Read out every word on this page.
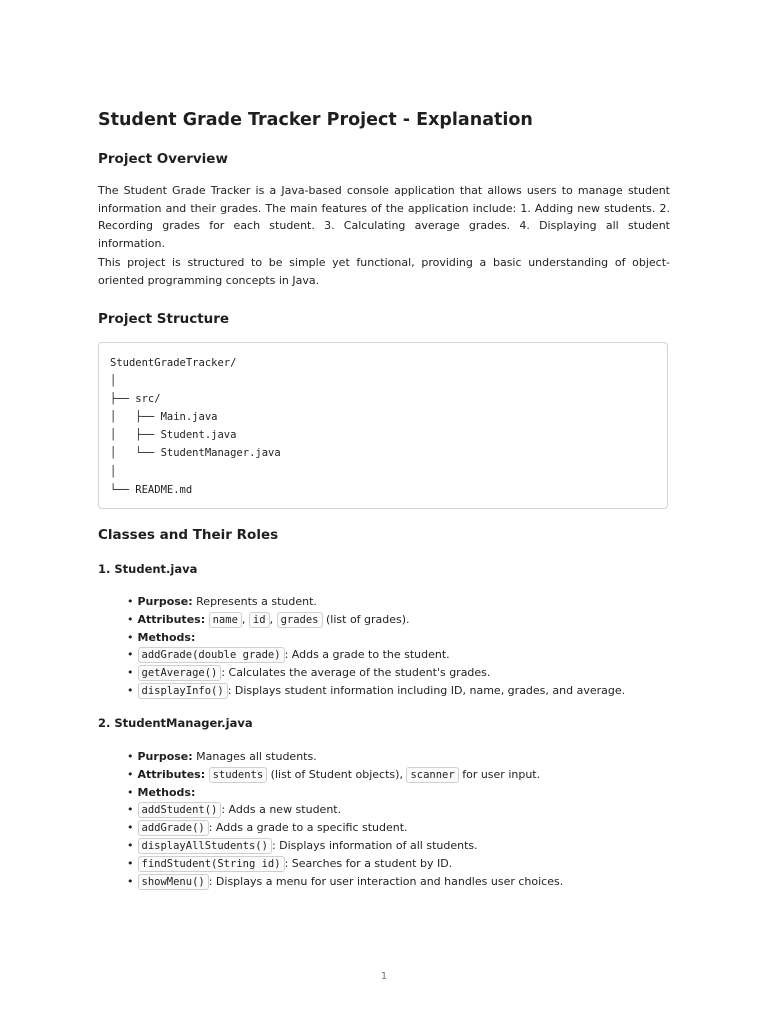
Student Grade Tracker Project - Explanation
Project Overview

The Student Grade Tracker is a Java-based console application that allows users to manage student information and their grades. The main features of the application include: 1. Adding new students. 2. Recording grades for each student. 3. Calculating average grades. 4. Displaying all student information.

This project is structured to be simple yet functional, providing a basic understanding of object-oriented programming concepts in Java.

Project Structure
StudentGradeTracker/
│
├── src/
│   ├── Main.java
│   ├── Student.java
│   └── StudentManager.java
│
└── README.md
Classes and Their Roles
1. Student.java
• Purpose: Represents a student.
• Attributes: name , id , grades (list of grades).
• Methods:
• addGrade(double grade) : Adds a grade to the student.
• getAverage() : Calculates the average of the student's grades.
• displayInfo() : Displays student information including ID, name, grades, and average.
2. StudentManager.java
• Purpose: Manages all students.
• Attributes: students (list of Student objects), scanner for user input.
• Methods:
• addStudent() : Adds a new student.
• addGrade() : Adds a grade to a specific student.
• displayAllStudents() : Displays information of all students.
• findStudent(String id) : Searches for a student by ID.
• showMenu() : Displays a menu for user interaction and handles user choices.
1
